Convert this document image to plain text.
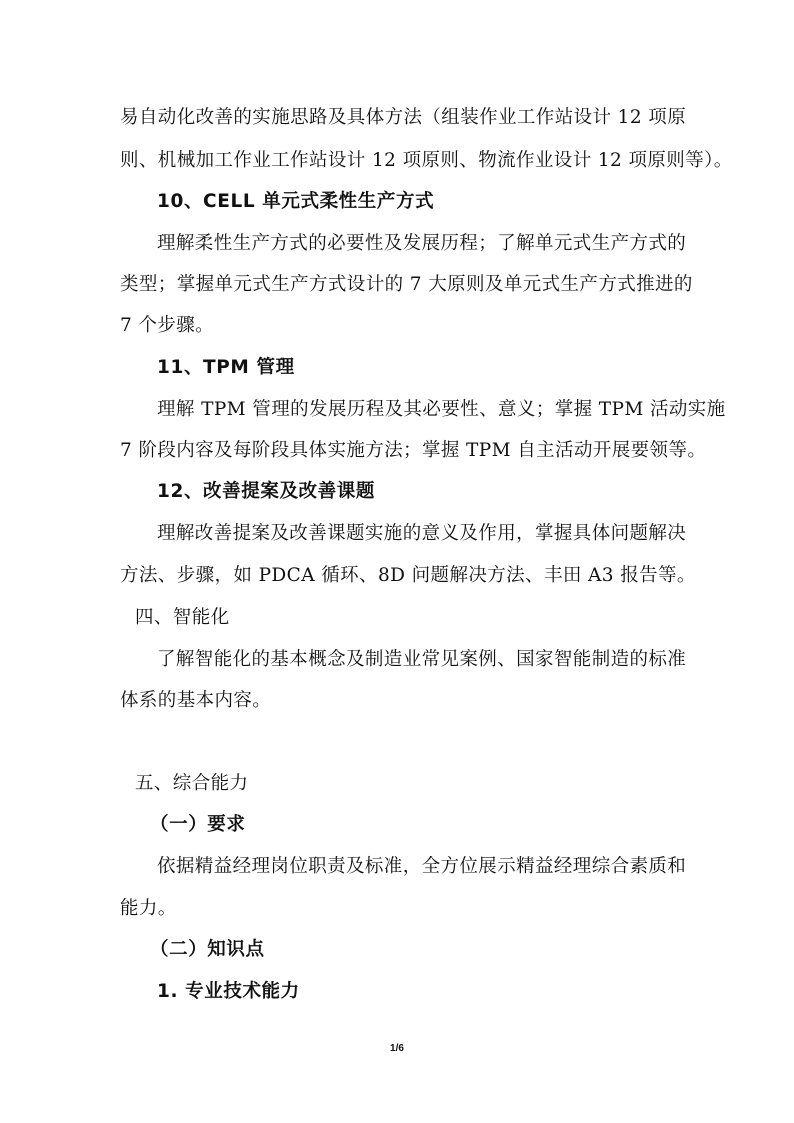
易自动化改善的实施思路及具体方法（组装作业工作站设计 12 项原
则、机械加工作业工作站设计 12 项原则、物流作业设计 12 项原则等）。
10、CELL 单元式柔性生产方式
理解柔性生产方式的必要性及发展历程；了解单元式生产方式的
类型；掌握单元式生产方式设计的 7 大原则及单元式生产方式推进的
7 个步骤。
11、TPM 管理
理解 TPM 管理的发展历程及其必要性、意义；掌握 TPM 活动实施
7 阶段内容及每阶段具体实施方法；掌握 TPM 自主活动开展要领等。
12、改善提案及改善课题
理解改善提案及改善课题实施的意义及作用，掌握具体问题解决
方法、步骤，如 PDCA 循环、8D 问题解决方法、丰田 A3 报告等。
四、智能化
了解智能化的基本概念及制造业常见案例、国家智能制造的标准
体系的基本内容。
五、综合能力
（一）要求
依据精益经理岗位职责及标准，全方位展示精益经理综合素质和
能力。
（二）知识点
1. 专业技术能力
1/6
